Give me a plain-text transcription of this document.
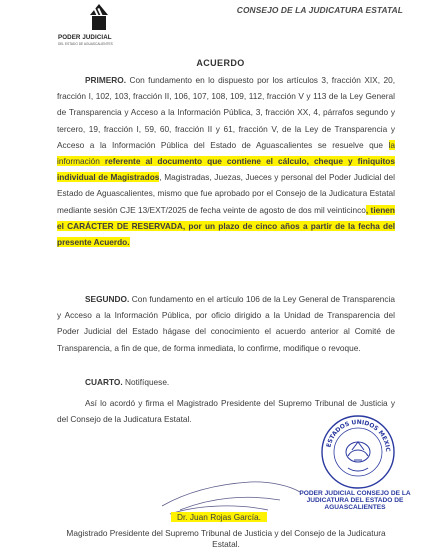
PODER JUDICIAL
DEL ESTADO DE AGUASCALIENTES
CONSEJO DE LA JUDICATURA ESTATAL
ACUERDO
PRIMERO. Con fundamento en lo dispuesto por los artículos 3, fracción XIX, 20, fracción I, 102, 103, fracción II, 106, 107, 108, 109, 112, fracción V y 113 de la Ley General de Transparencia y Acceso a la Información Pública, 3, fracción XX, 4, párrafos segundo y tercero, 19, fracción I, 59, 60, fracción II y 61, fracción V, de la Ley de Transparencia y Acceso a la Información Pública del Estado de Aguascalientes se resuelve que la información referente al documento que contiene el cálculo, cheque y finiquitos individual de Magistrados, Magistradas, Juezas, Jueces y personal del Poder Judicial del Estado de Aguascalientes, mismo que fue aprobado por el Consejo de la Judicatura Estatal mediante sesión CJE 13/EXT/2025 de fecha veinte de agosto de dos mil veinticinco, tienen el CARÁCTER DE RESERVADA, por un plazo de cinco años a partir de la fecha del presente Acuerdo.
SEGUNDO. Con fundamento en el artículo 106 de la Ley General de Transparencia y Acceso a la Información Pública, por oficio dirigido a la Unidad de Transparencia del Poder Judicial del Estado hágase del conocimiento el acuerdo anterior al Comité de Transparencia, a fin de que, de forma inmediata, lo confirme, modifique o revoque.
CUARTO. Notifíquese.
Así lo acordó y firma el Magistrado Presidente del Supremo Tribunal de Justicia y del Consejo de la Judicatura Estatal.
ESTADOS UNIDOS MEXIC
PODER JUDICIAL CONSEJO DE LA JUDICATURA DEL ESTADO DE AGUASCALIENTES
Dr. Juan Rojas García.
Magistrado Presidente del Supremo Tribunal de Justicia y del Consejo de la Judicatura Estatal.
